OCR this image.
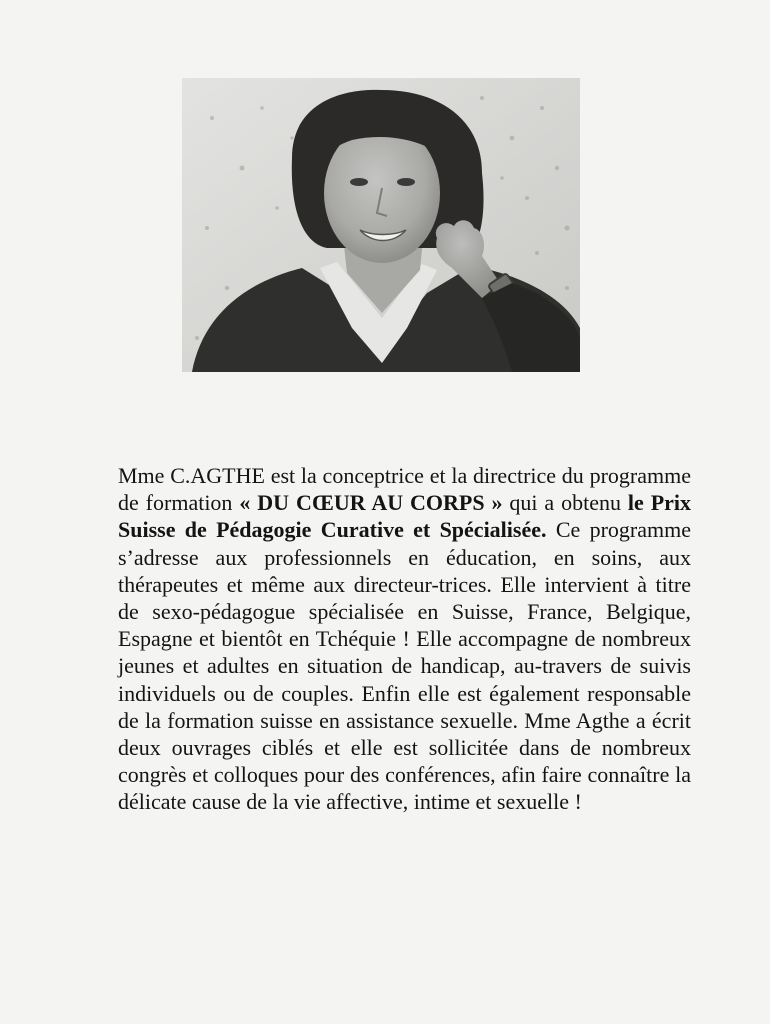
Mme C.AGTHE est la conceptrice et la directrice du programme de formation « DU CŒUR AU CORPS » qui a obtenu le Prix Suisse de Pédagogie Curative et Spécialisée. Ce programme s’adresse aux professionnels en éducation, en soins, aux thérapeutes et même aux directeur-trices. Elle intervient à titre de sexo-pédagogue spécialisée en Suisse, France, Belgique, Espagne et bientôt en Tchéquie ! Elle accompagne de nombreux jeunes et adultes en situation de handicap, au-travers de suivis individuels ou de couples. Enfin elle est également responsable de la formation suisse en assistance sexuelle. Mme Agthe a écrit deux ouvrages ciblés et elle est sollicitée dans de nombreux congrès et colloques pour des conférences, afin faire connaître la délicate cause de la vie affective, intime et sexuelle !
